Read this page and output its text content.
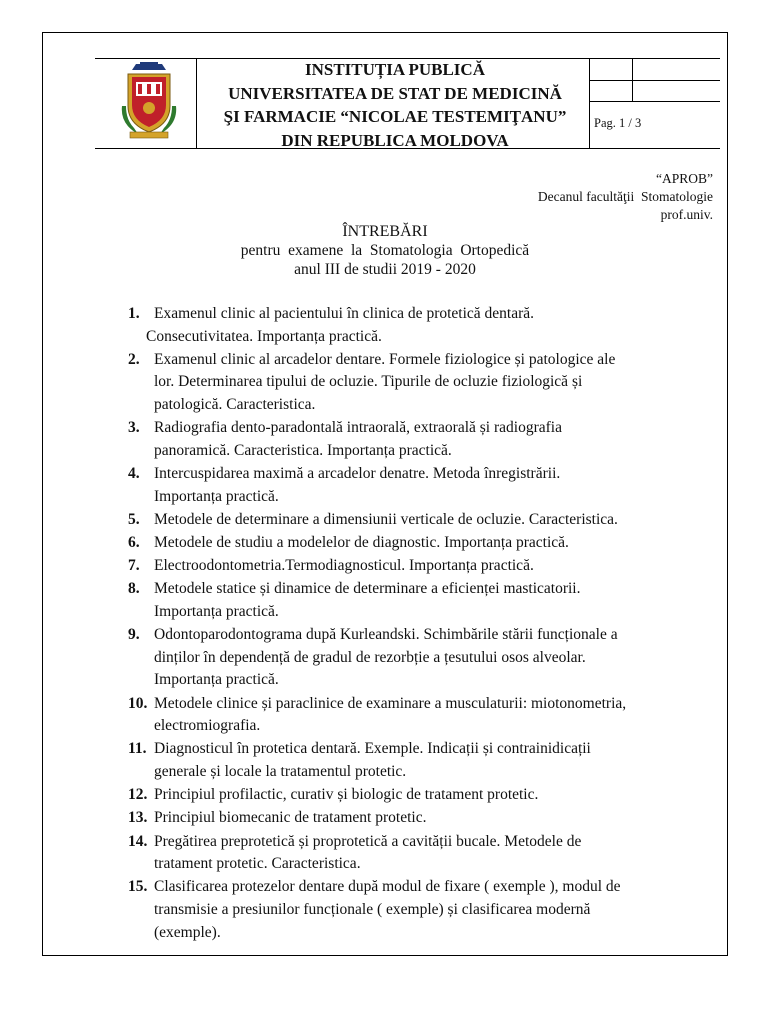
INSTITUȚIA PUBLICĂ
UNIVERSITATEA DE STAT DE MEDICINĂ
ŞI FARMACIE “NICOLAE TESTEMIŢANU”
DIN REPUBLICA MOLDOVA
Pag. 1 / 3
“APROB”
Decanul facultăţii  Stomatologie
prof.univ.
ÎNTREBĂRI
pentru  examene  la  Stomatologia  Ortopedică
anul III de studii 2019 - 2020
1. Examenul clinic al pacientului în clinica de protetică dentară.
Consecutivitatea. Importanța practică.
2. Examenul clinic al arcadelor dentare. Formele fiziologice și patologice ale
lor. Determinarea tipului de ocluzie. Tipurile de ocluzie fiziologică și
patologică. Caracteristica.
3. Radiografia dento-paradontală intraorală, extraorală și radiografia
panoramică. Caracteristica. Importanța practică.
4. Intercuspidarea maximă a arcadelor denatre. Metoda înregistrării.
Importanța practică.
5. Metodele de determinare a dimensiunii verticale de ocluzie. Caracteristica.
6. Metodele de studiu a modelelor de diagnostic. Importanța practică.
7. Electroodontometria.Termodiagnosticul. Importanța practică.
8. Metodele statice și dinamice de determinare a eficienței masticatorii.
Importanța practică.
9. Odontoparodontograma după Kurleandski. Schimbările stării funcționale a
dinților în dependență de gradul de rezorbție a țesutului osos alveolar.
Importanța practică.
10. Metodele clinice și paraclinice de examinare a musculaturii: miotonometria,
electromiografia.
11. Diagnosticul în protetica dentară. Exemple. Indicații și contrainidicații
generale și locale la tratamentul protetic.
12. Principiul profilactic, curativ și biologic de tratament protetic.
13. Principiul biomecanic de tratament protetic.
14. Pregătirea preprotetică și proprotetică a cavității bucale. Metodele de
tratament protetic. Caracteristica.
15. Clasificarea protezelor dentare după modul de fixare ( exemple ), modul de
transmisie a presiunilor funcționale ( exemple) și clasificarea modernă
(exemple).
